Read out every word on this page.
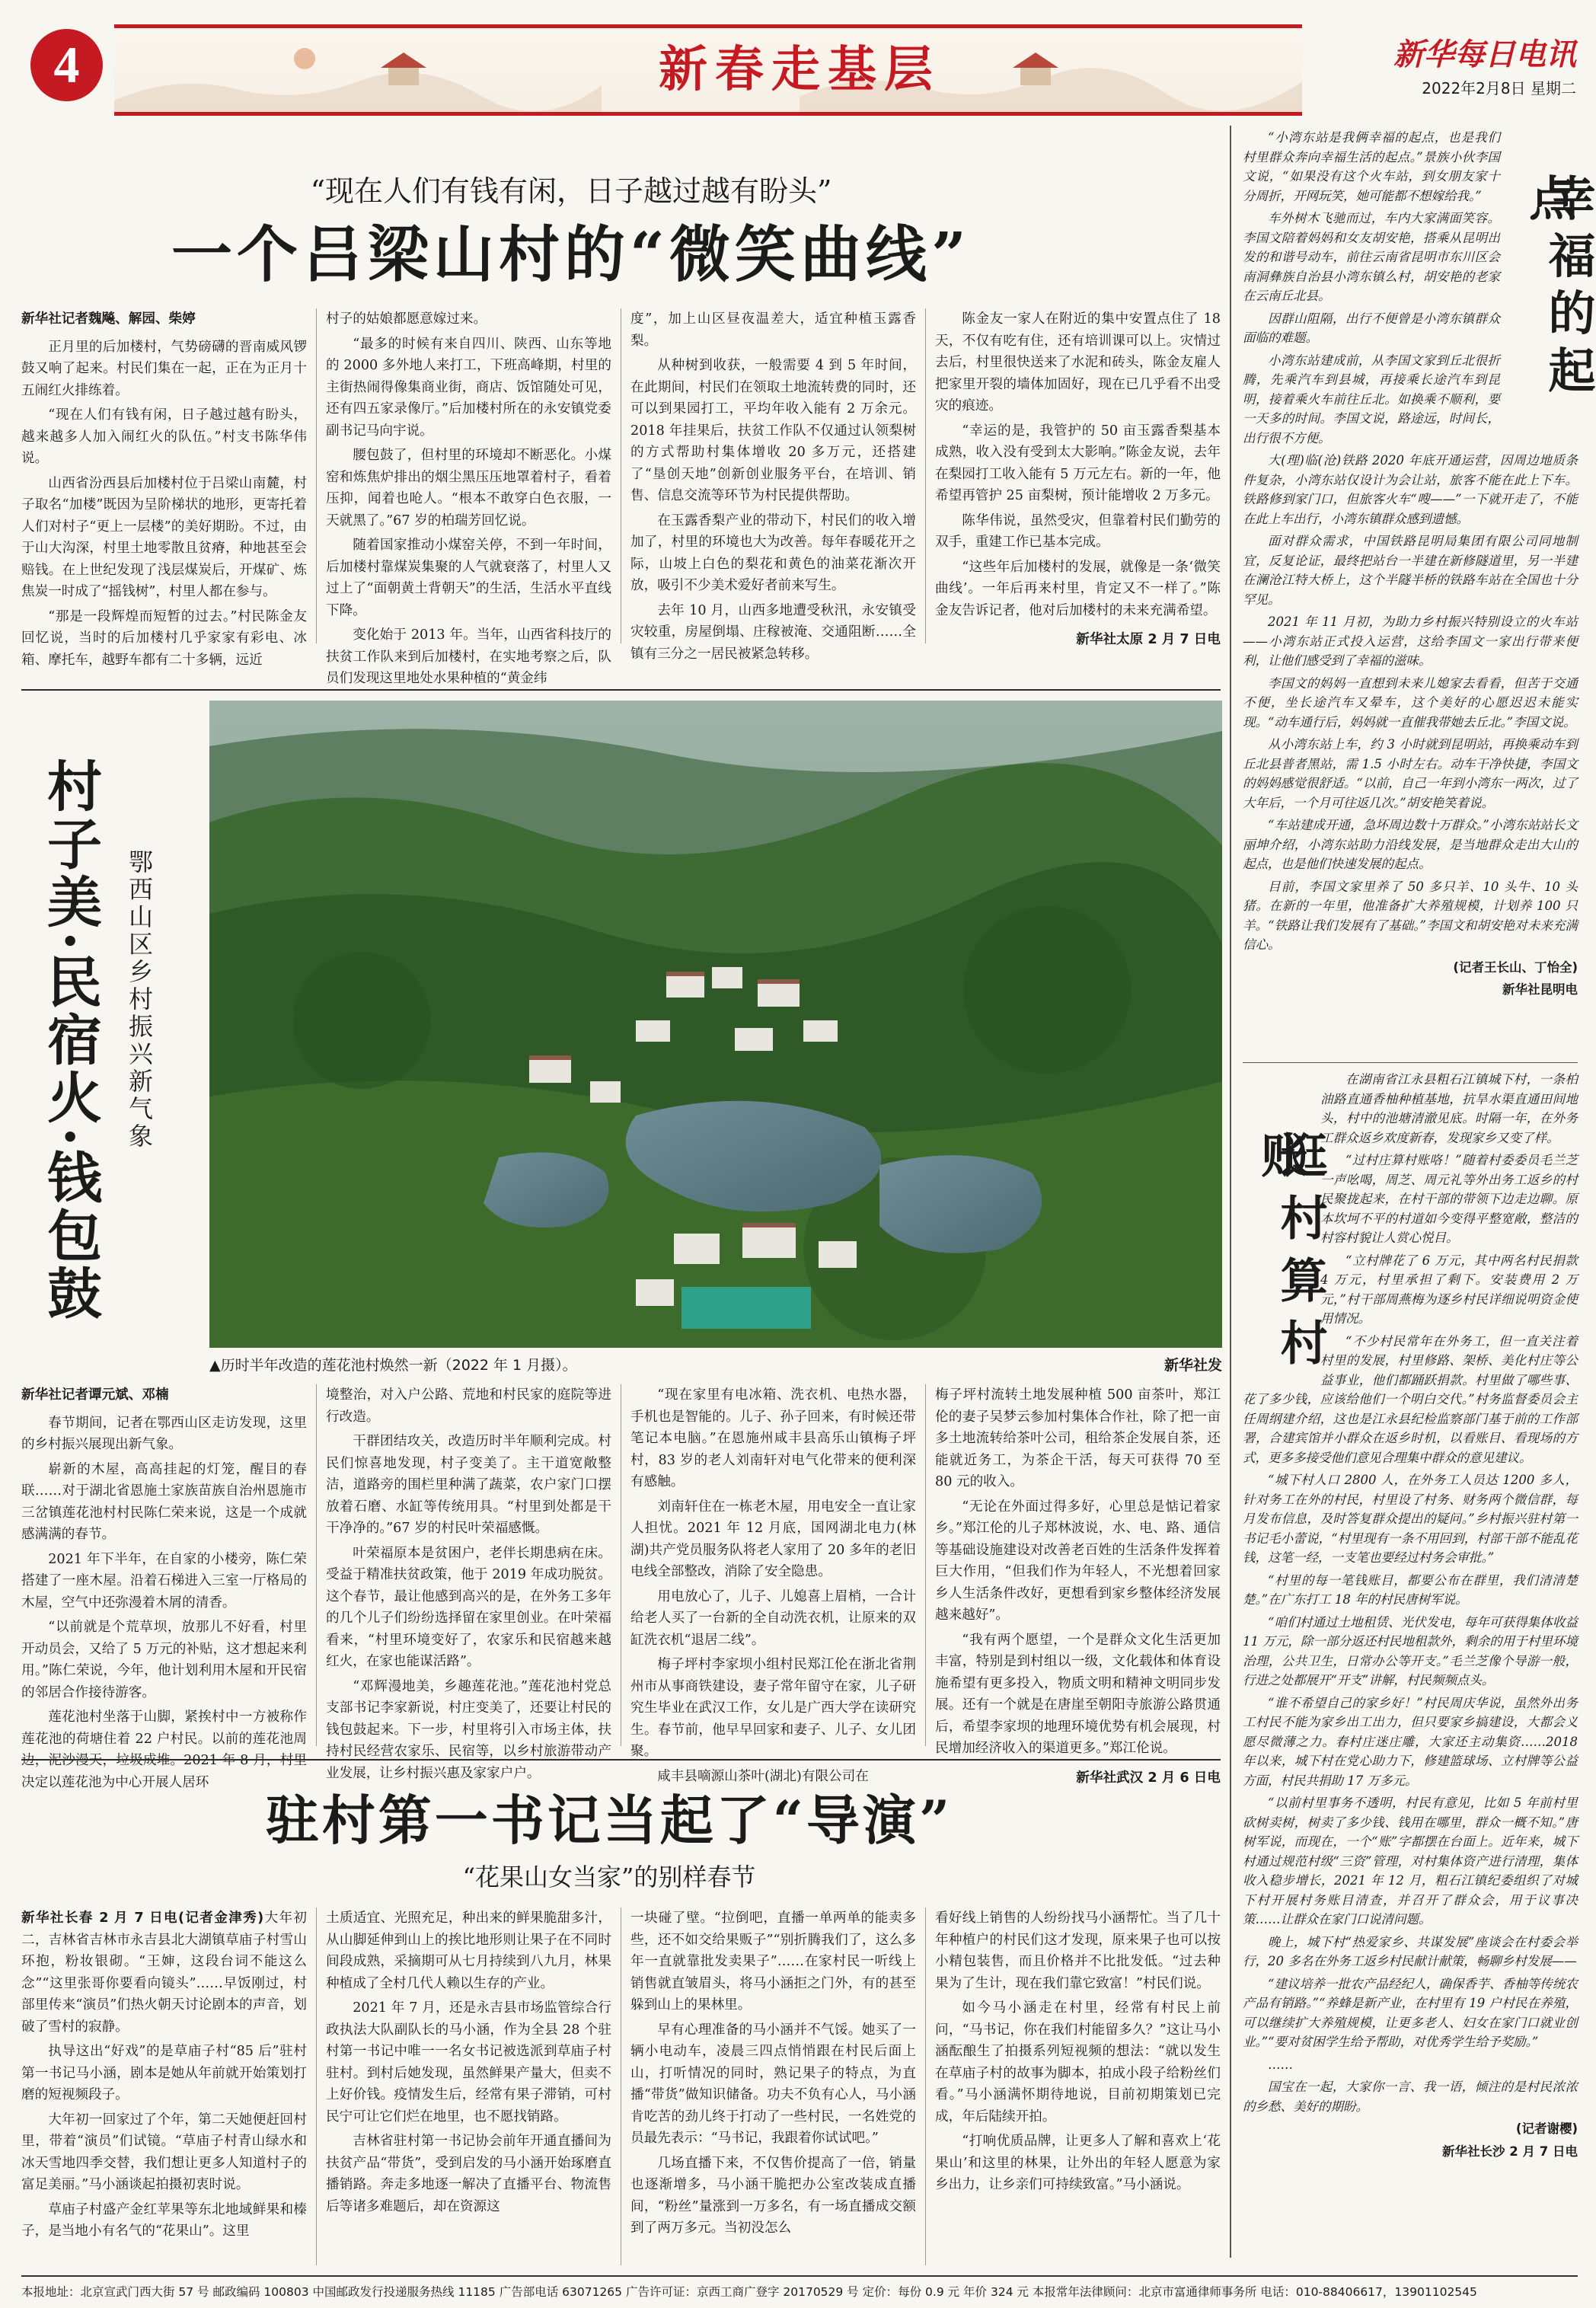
4	新春走基层	新华每日电讯
2022年2月8日 星期二
“现在人们有钱有闲，日子越过越有盼头”
一个吕梁山村的“微笑曲线”
新华社记者魏飚、解园、柴婷

正月里的后加楼村，气势磅礴的晋南威风锣鼓又响了起来。村民们集在一起，正在为正月十五闹红火排练着。

“现在人们有钱有闲，日子越过越有盼头，越来越多人加入闹红火的队伍。”村支书陈华伟说。

山西省汾西县后加楼村位于吕梁山南麓，村子取名“加楼”既因为呈阶梯状的地形，更寄托着人们对村子“更上一层楼”的美好期盼。不过，由于山大沟深，村里土地零散且贫瘠，种地甚至会赔钱。在上世纪发现了浅层煤炭后，开煤矿、炼焦炭一时成了“摇钱树”，村里人都在参与。

“那是一段辉煌而短暂的过去。”村民陈金友回忆说，当时的后加楼村几乎家家有彩电、冰箱、摩托车，越野车都有二十多辆，远近

村子的姑娘都愿意嫁过来。

“最多的时候有来自四川、陕西、山东等地的 2000 多外地人来打工，下班高峰期，村里的主街热闹得像集商业街，商店、饭馆随处可见，还有四五家录像厅。”后加楼村所在的永安镇党委副书记马向宇说。

腰包鼓了，但村里的环境却不断恶化。小煤窑和炼焦炉排出的烟尘黑压压地罩着村子，看着压抑，闻着也呛人。“根本不敢穿白色衣服，一天就黑了。”67 岁的柏瑞芳回忆说。

随着国家推动小煤窑关停，不到一年时间，后加楼村靠煤炭集聚的人气就衰落了，村里人又过上了“面朝黄土背朝天”的生活，生活水平直线下降。

变化始于 2013 年。当年，山西省科技厅的扶贫工作队来到后加楼村，在实地考察之后，队员们发现这里地处水果种植的“黄金纬

度”，加上山区昼夜温差大，适宜种植玉露香梨。

从种树到收获，一般需要 4 到 5 年时间，在此期间，村民们在领取土地流转费的同时，还可以到果园打工，平均年收入能有 2 万余元。2018 年挂果后，扶贫工作队不仅通过认领梨树的方式帮助村集体增收 20 多万元，还搭建了“垦创天地”创新创业服务平台，在培训、销售、信息交流等环节为村民提供帮助。

在玉露香梨产业的带动下，村民们的收入增加了，村里的环境也大为改善。每年春暖花开之际，山坡上白色的梨花和黄色的油菜花渐次开放，吸引不少美术爱好者前来写生。

去年 10 月，山西多地遭受秋汛，永安镇受灾较重，房屋倒塌、庄稼被淹、交通阻断……全镇有三分之一居民被紧急转移。

陈金友一家人在附近的集中安置点住了 18 天，不仅有吃有住，还有培训课可以上。灾情过去后，村里很快送来了水泥和砖头，陈金友雇人把家里开裂的墙体加固好，现在已几乎看不出受灾的痕迹。

“幸运的是，我管护的 50 亩玉露香梨基本成熟，收入没有受到太大影响。”陈金友说，去年在梨园打工收入能有 5 万元左右。新的一年，他希望再管护 25 亩梨树，预计能增收 2 万多元。

陈华伟说，虽然受灾，但靠着村民们勤劳的双手，重建工作已基本完成。

“这些年后加楼村的发展，就像是一条‘微笑曲线’。一年后再来村里，肯定又不一样了。”陈金友告诉记者，他对后加楼村的未来充满希望。

新华社太原 2 月 7 日电

村子美·民宿火·钱包鼓 鄂西山区乡村振兴新气象
▲历时半年改造的莲花池村焕然一新（2022 年 1 月摄）。	新华社发
新华社记者谭元斌、邓楠

春节期间，记者在鄂西山区走访发现，这里的乡村振兴展现出新气象。

崭新的木屋，高高挂起的灯笼，醒目的春联……对于湖北省恩施土家族苗族自治州恩施市三岔镇莲花池村村民陈仁荣来说，这是一个成就感满满的春节。

2021 年下半年，在自家的小楼旁，陈仁荣搭建了一座木屋。沿着石梯进入三室一厅格局的木屋，空气中还弥漫着木屑的清香。

“以前就是个荒草坝，放那儿不好看，村里开动员会，又给了 5 万元的补贴，这才想起来利用。”陈仁荣说，今年，他计划利用木屋和开民宿的邻居合作接待游客。

莲花池村坐落于山脚，紧挨村中一方被称作莲花池的荷塘住着 22 户村民。以前的莲花池周边，泥沙漫天，垃圾成堆。2021 年 8 月，村里决定以莲花池为中心开展人居环

境整治，对入户公路、荒地和村民家的庭院等进行改造。

干群团结攻关，改造历时半年顺利完成。村民们惊喜地发现，村子变美了。主干道宽敞整洁，道路旁的围栏里种满了蔬菜，农户家门口摆放着石磨、水缸等传统用具。“村里到处都是干干净净的。”67 岁的村民叶荣福感慨。

叶荣福原本是贫困户，老伴长期患病在床。受益于精准扶贫政策，他于 2019 年成功脱贫。这个春节，最让他感到高兴的是，在外务工多年的几个儿子们纷纷选择留在家里创业。在叶荣福看来，“村里环境变好了，农家乐和民宿越来越红火，在家也能谋活路”。

“邓辉漫地美，乡趣莲花池。”莲花池村党总支部书记李家新说，村庄变美了，还要让村民的钱包鼓起来。下一步，村里将引入市场主体，扶持村民经营农家乐、民宿等，以乡村旅游带动产业发展，让乡村振兴惠及家家户户。

“现在家里有电冰箱、洗衣机、电热水器，手机也是智能的。儿子、孙子回来，有时候还带笔记本电脑。”在恩施州咸丰县高乐山镇梅子坪村，83 岁的老人刘南轩对电气化带来的便利深有感触。

刘南轩住在一栋老木屋，用电安全一直让家人担忧。2021 年 12 月底，国网湖北电力(林湖)共产党员服务队将老人家用了 20 多年的老旧电线全部整改，消除了安全隐患。

用电放心了，儿子、儿媳喜上眉梢，一合计给老人买了一台新的全自动洗衣机，让原来的双缸洗衣机“退居二线”。

梅子坪村李家坝小组村民郑江伦在浙北省荆州市从事商铁建设，妻子常年留守在家，儿子研究生毕业在武汉工作，女儿是广西大学在读研究生。春节前，他早早回家和妻子、儿子、女儿团聚。

咸丰县嘀源山茶叶(湖北)有限公司在

梅子坪村流转土地发展种植 500 亩茶叶，郑江伦的妻子吴梦云参加村集体合作社，除了把一亩多土地流转给茶叶公司，租给茶企发展自茶，还能就近务工，为茶企干活，每天可获得 70 至 80 元的收入。

“无论在外面过得多好，心里总是惦记着家乡。”郑江伦的儿子郑林波说，水、电、路、通信等基础设施建设对改善老百姓的生活条件发挥着巨大作用，“但我们作为年轻人，不光想着回家乡人生活条件改好，更想看到家乡整体经济发展越来越好”。

“我有两个愿望，一个是群众文化生活更加丰富，特别是到村组以一级，文化载体和体育设施希望有更多投入，物质文明和精神文明同步发展。还有一个就是在唐崖至朝阳寺旅游公路贯通后，希望李家坝的地理环境优势有机会展现，村民增加经济收入的渠道更多。”郑江伦说。

新华社武汉 2 月 6 日电

驻村第一书记当起了“导演”
“花果山女当家”的别样春节

新华社长春 2 月 7 日电(记者金津秀)大年初二，吉林省吉林市永吉县北大湖镇草庙子村雪山环抱，粉妆银砌。“王婶，这段台词不能这么念”“这里张哥你要看向镜头”……早饭刚过，村部里传来“演员”们热火朝天讨论剧本的声音，划破了雪村的寂静。

执导这出“好戏”的是草庙子村“85 后”驻村第一书记马小涵，剧本是她从年前就开始策划打磨的短视频段子。

大年初一回家过了个年，第二天她便赶回村里，带着“演员”们试镜。“草庙子村青山绿水和冰天雪地四季交替，我们想让更多人知道村子的富足美丽。”马小涵谈起拍摄初衷时说。

草庙子村盛产金红苹果等东北地域鲜果和榛子，是当地小有名气的“花果山”。这里

土质适宜、光照充足，种出来的鲜果脆甜多汁，从山脚延伸到山上的挨比地形则让果子在不同时间段成熟，采摘期可从七月持续到八九月，林果种植成了全村几代人赖以生存的产业。

2021 年 7 月，还是永吉县市场监管综合行政执法大队副队长的马小涵，作为全县 28 个驻村第一书记中唯一一名女书记被选派到草庙子村驻村。到村后她发现，虽然鲜果产量大，但卖不上好价钱。疫情发生后，经常有果子滞销，可村民宁可让它们烂在地里，也不愿找销路。

吉林省驻村第一书记协会前年开通直播间为扶贫产品“带货”，受到启发的马小涵开始琢磨直播销路。奔走多地逐一解决了直播平台、物流售后等诸多难题后，却在资源这

一块碰了壁。“拉倒吧，直播一单两单的能卖多些，还不如交给果贩子”“别折腾我们了，这么多年一直就靠批发卖果子”……在家村民一听线上销售就直皱眉头，将马小涵拒之门外，有的甚至躲到山上的果林里。

早有心理准备的马小涵并不气馁。她买了一辆小电动车，凌晨三四点悄悄跟在村民后面上山，打听情况的同时，熟记果子的特点，为直播“带货”做知识储备。功夫不负有心人，马小涵肯吃苦的劲儿终于打动了一些村民，一名姓党的员最先表示：“马书记，我跟着你试试吧。”

几场直播下来，不仅售价提高了一倍，销量也逐渐增多，马小涵干脆把办公室改装成直播间，“粉丝”量涨到一万多名，有一场直播成交额到了两万多元。当初没怎么

看好线上销售的人纷纷找马小涵帮忙。当了几十年种植户的村民们这才发现，原来果子也可以按小精包装售，而且价格并不比批发低。“过去种果为了生计，现在我们靠它致富！”村民们说。

如今马小涵走在村里，经常有村民上前问，“马书记，你在我们村能留多久？”这让马小涵酝酿生了拍摄系列短视频的想法：“就以发生在草庙子村的故事为脚本，拍成小段子给粉丝们看。”马小涵满怀期待地说，目前初期策划已完成，年后陆续开拍。

“打响优质品牌，让更多人了解和喜欢上‘花果山’和这里的林果，让外出的年轻人愿意为家乡出力，让乡亲们可持续致富。”马小涵说。

幸福的起点

“小湾东站是我俩幸福的起点，也是我们村里群众奔向幸福生活的起点。”景族小伙李国文说，“如果没有这个火车站，到女朋友家十分周折，开网玩笑，她可能都不想嫁给我。”

车外树木飞驰而过，车内大家满面笑容。李国文陪着妈妈和女友胡安艳，搭乘从昆明出发的和谐号动车，前往云南省昆明市东川区会南洞彝族自治县小湾东镇么村，胡安艳的老家在云南丘北县。

因群山阻隔，出行不便曾是小湾东镇群众面临的难题。

小湾东站建成前，从李国文家到丘北很折腾，先乘汽车到县城，再接乘长途汽车到昆明，接着乘火车前往丘北。如换乘不顺利，要一天多的时间。李国文说，路途远，时间长，出行很不方便。

大(理)临(沧)铁路 2020 年底开通运营，因周边地质条件复杂，小湾东站仅设计为会让站，旅客不能在此上下车。铁路修到家门口，但旅客火车“嗖——”一下就开走了，不能在此上车出行，小湾东镇群众感到遗憾。

面对群众需求，中国铁路昆明局集团有限公司同地制宜，反复论证，最终把站台一半建在新修隧道里，另一半建在澜沧江特大桥上，这个半隧半桥的铁路车站在全国也十分罕见。

2021 年 11 月初，为助力乡村振兴特别设立的火车站——小湾东站正式投入运营，这给李国文一家出行带来便利，让他们感受到了幸福的滋味。

李国文的妈妈一直想到未来儿媳家去看看，但苦于交通不便，坐长途汽车又晕车，这个美好的心愿迟迟未能实现。“动车通行后，妈妈就一直催我带她去丘北。”李国文说。

从小湾东站上车，约 3 小时就到昆明站，再换乘动车到丘北县普者黑站，需 1.5 小时左右。动车干净快捷，李国文的妈妈感觉很舒适。“以前，自己一年到小湾东一两次，过了大年后，一个月可往返几次。”胡安艳笑着说。

“车站建成开通，急坏周边数十万群众。”小湾东站站长文丽坤介绍，小湾东站助力沿线发展，是当地群众走出大山的起点，也是他们快速发展的起点。

目前，李国文家里养了 50 多只羊、10 头牛、10 头猪。在新的一年里，他准备扩大养殖规模，计划养 100 只羊。“铁路让我们发展有了基础。”李国文和胡安艳对未来充满信心。

(记者王长山、丁怡全)

新华社昆明电

逛村算村账

在湖南省江永县粗石江镇城下村，一条柏油路直通香柚种植基地，抗旱水渠直通田间地头，村中的池塘清澈见底。时隔一年，在外务工群众返乡欢度新春，发现家乡又变了样。

“过村庄算村账咯！”随着村委委员毛兰芝一声吆喝，周芝、周元礼等外出务工返乡的村民聚拢起来，在村干部的带领下边走边聊。原本坎坷不平的村道如今变得平整宽敞，整洁的村容村貌让人赏心悦目。

“立村牌花了 6 万元，其中两名村民捐款 4 万元，村里承担了剩下。安装费用 2 万元，”村干部周燕梅为逐乡村民详细说明资金使用情况。

“不少村民常年在外务工，但一直关注着村里的发展，村里修路、架桥、美化村庄等公益事业，他们都踊跃捐款。村里做了哪些事、花了多少钱，应该给他们一个明白交代。”村务监督委员会主任周纲建介绍，这也是江永县纪检监察部门基于前的工作部署，合建宾馆并小群众在返乡时机，以看账目、看现场的方式，更多多接受他们意见合理集中群众的意见建议。

“城下村人口 2800 人，在外务工人员达 1200 多人，针对务工在外的村民，村里设了村务、财务两个微信群，每月发布信息，及时答复群众提出的疑问。”乡村振兴驻村第一书记毛小蕾说，“村里现有一条不用回到，村部干部不能乱花钱，这笔一经，一支笔也要经过村务会审批。”

“村里的每一笔钱账目，都要公布在群里，我们清清楚楚。”在广东打工 18 年的村民唐树军说。

“咱们村通过土地租赁、光伏发电，每年可获得集体收益 11 万元，除一部分返还村民地租款外，剩余的用于村里环境治理，公共卫生，日常办公等开支。”毛兰芝像个导游一般，行进之处都展开“开支”讲解，村民频频点头。

“谁不希望自己的家乡好！”村民周庆华说，虽然外出务工村民不能为家乡出工出力，但只要家乡搞建设，大都会义愿尽微薄之力。春村庄迷庄雕，大家还主动集资……2018 年以来，城下村在党心助力下，修建篮球场、立村牌等公益方面，村民共捐助 17 万多元。

“以前村里事务不透明，村民有意见，比如 5 年前村里砍树卖树，树卖了多少钱、钱用在哪里，群众一概不知。”唐树军说，而现在，一个“账”字都摆在台面上。近年来，城下村通过规范村级“三资”管理，对村集体资产进行清理，集体收入稳步增长，2021 年 12 月，粗石江镇纪委组织了对城下村开展村务账目清查，并召开了群众会，用于议事决策……让群众在家门口说清问题。

晚上，城下村“热爱家乡、共谋发展”座谈会在村委会举行，20 多名在外务工返乡村民献计献策，畅聊乡村发展——

“建议培养一批农产品经纪人，确保香芋、香柚等传统农产品有销路。”“养蜂是新产业，在村里有 19 户村民在养殖，可以继续扩大养殖规模，让更多老人、妇女在家门口就业创业。”“要对贫困学生给予帮助，对优秀学生给予奖励。”

……

国宝在一起，大家你一言、我一语，倾注的是村民浓浓的乡愁、美好的期盼。

(记者谢樱)

新华社长沙 2 月 7 日电

本报地址：北京宣武门西大街 57 号 邮政编码 100803 中国邮政发行投递服务热线 11185 广告部电话 63071265 广告许可证：京西工商广登字 20170529 号 定价：每份 0.9 元 年价 324 元 本报常年法律顾问：北京市富通律师事务所 电话：010-88406617，13901102545
